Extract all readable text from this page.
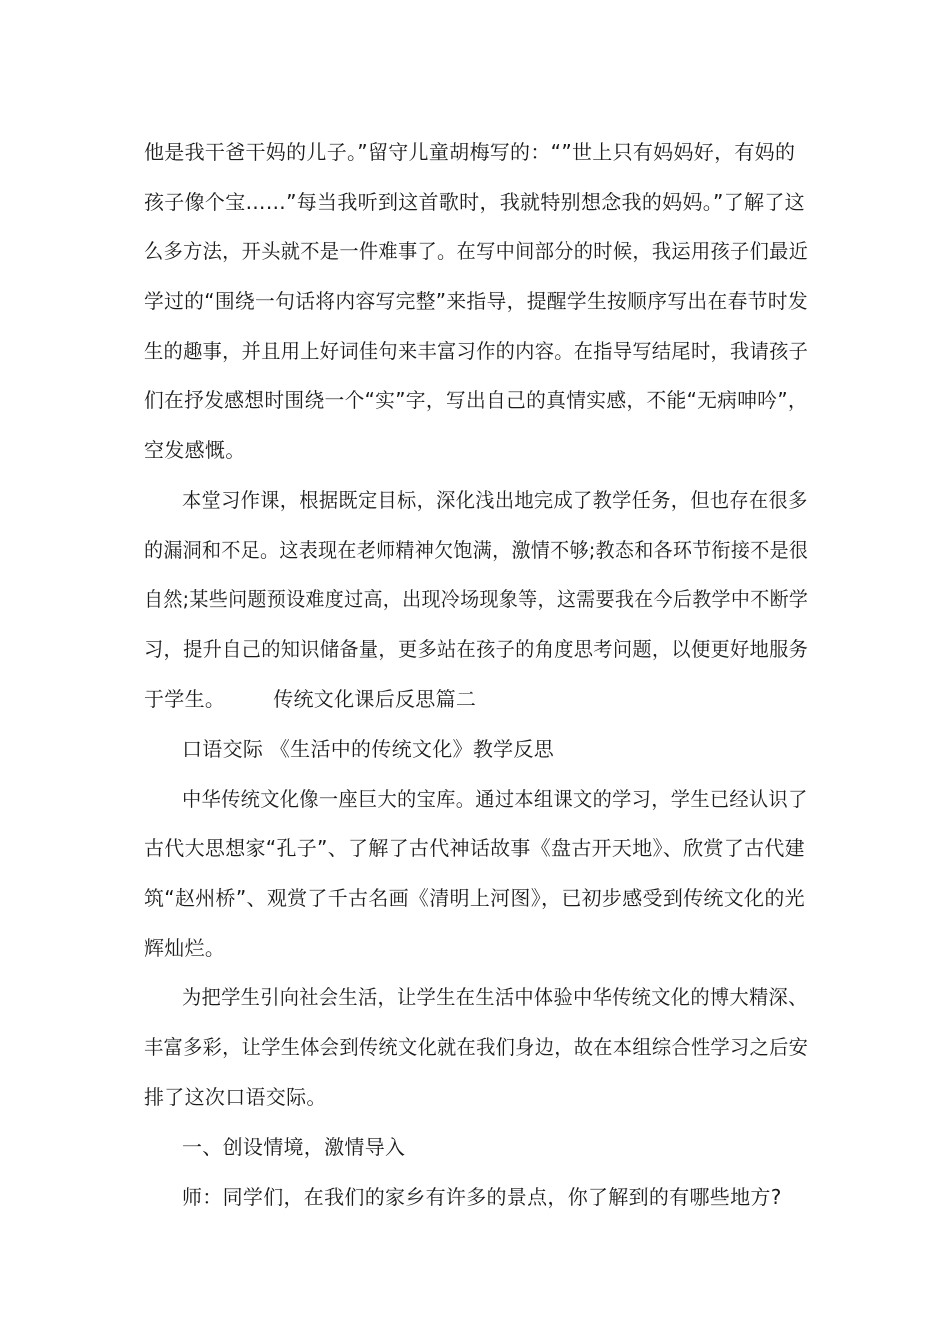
他是我干爸干妈的儿子。”留守儿童胡梅写的：“”世上只有妈妈好，有妈的
孩子像个宝……”每当我听到这首歌时，我就特别想念我的妈妈。”了解了这
么多方法，开头就不是一件难事了。在写中间部分的时候，我运用孩子们最近
学过的“围绕一句话将内容写完整”来指导，提醒学生按顺序写出在春节时发
生的趣事，并且用上好词佳句来丰富习作的内容。在指导写结尾时，我请孩子
们在抒发感想时围绕一个“实”字，写出自己的真情实感，不能“无病呻吟”，
空发感慨。
本堂习作课，根据既定目标，深化浅出地完成了教学任务，但也存在很多
的漏洞和不足。这表现在老师精神欠饱满，激情不够;教态和各环节衔接不是很
自然;某些问题预设难度过高，出现冷场现象等，这需要我在今后教学中不断学
习，提升自己的知识储备量，更多站在孩子的角度思考问题，以便更好地服务
于学生。 传统文化课后反思篇二
口语交际 《生活中的传统文化》教学反思
中华传统文化像一座巨大的宝库。通过本组课文的学习，学生已经认识了
古代大思想家“孔子”、了解了古代神话故事《盘古开天地》、欣赏了古代建
筑“赵州桥”、观赏了千古名画《清明上河图》，已初步感受到传统文化的光
辉灿烂。
为把学生引向社会生活，让学生在生活中体验中华传统文化的博大精深、
丰富多彩，让学生体会到传统文化就在我们身边，故在本组综合性学习之后安
排了这次口语交际。
一、创设情境，激情导入
师：同学们，在我们的家乡有许多的景点，你了解到的有哪些地方?
